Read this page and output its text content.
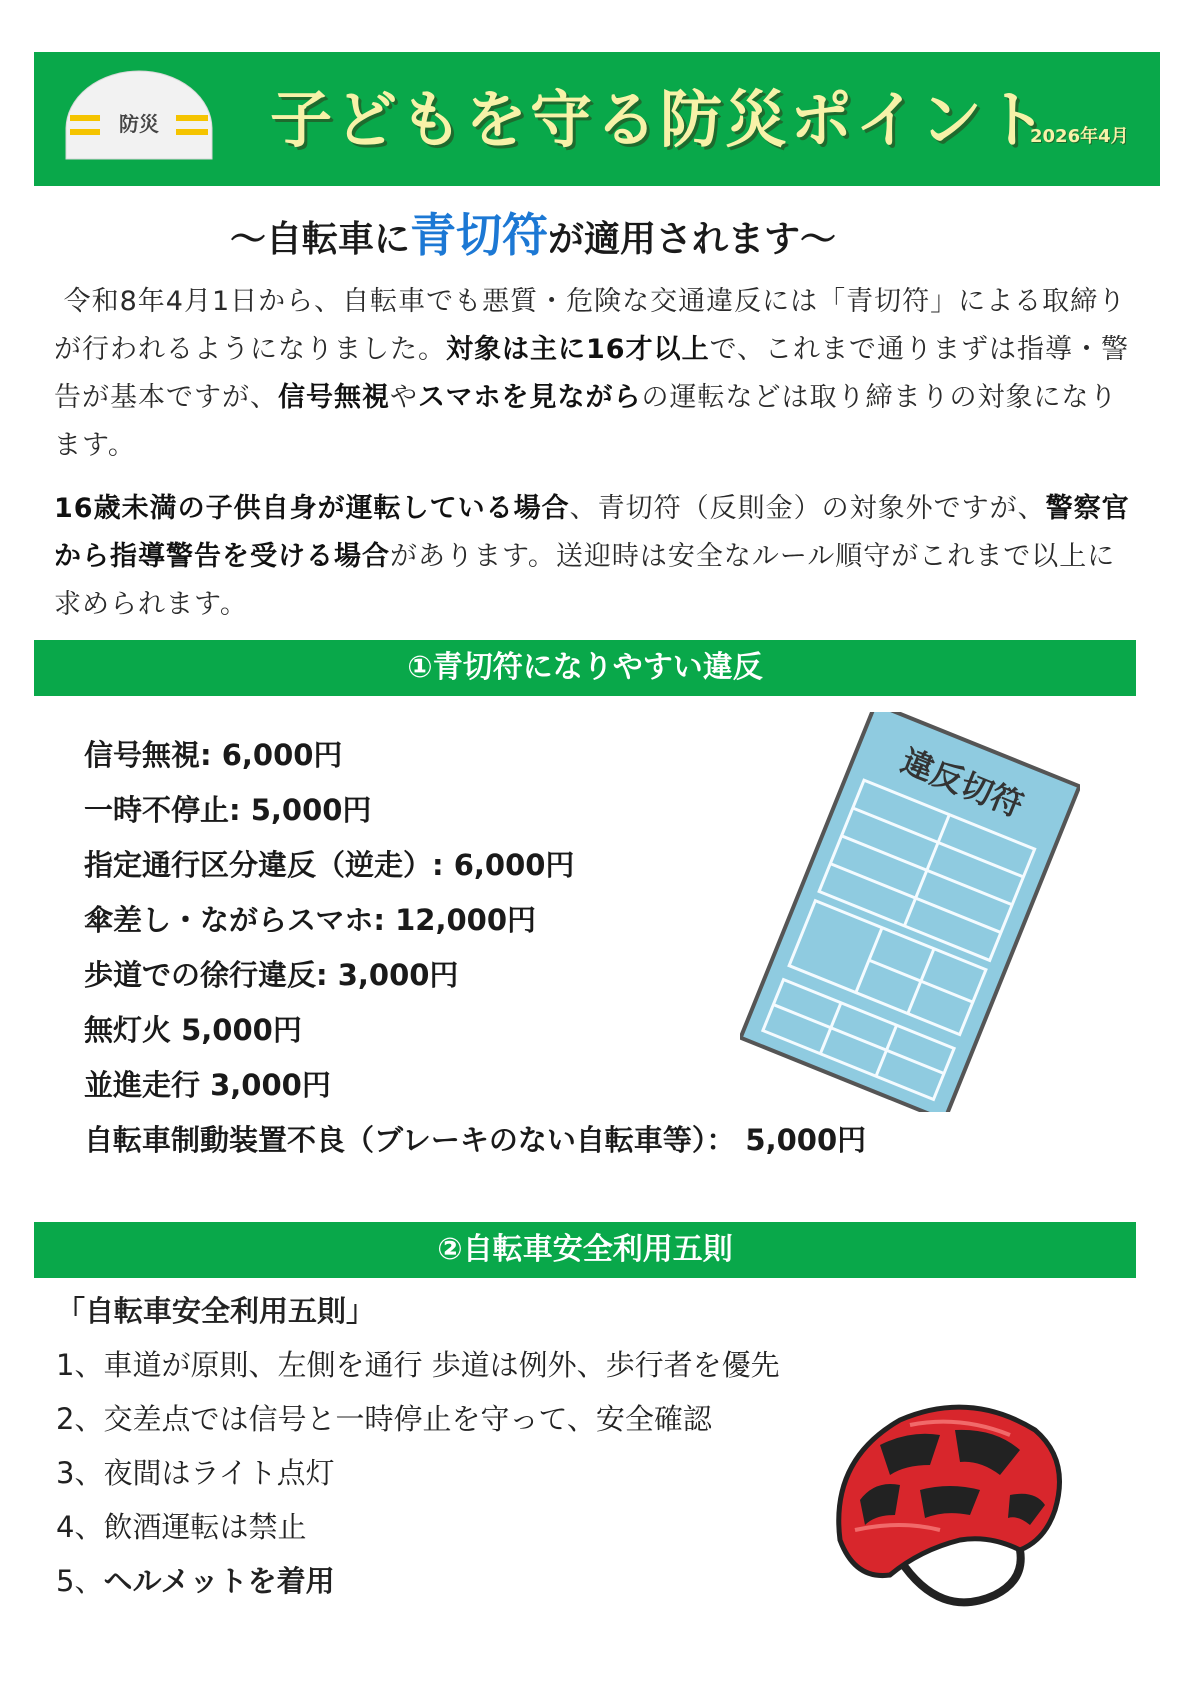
防災 子どもを守る防災ポイント
2026年4月
～自転車に青切符が適用されます～
令和8年4月1日から、自転車でも悪質・危険な交通違反には「青切符」による取締りが行われるようになりました。対象は主に16才以上で、これまで通りまずは指導・警告が基本ですが、信号無視やスマホを見ながらの運転などは取り締まりの対象になります。
16歳未満の子供自身が運転している場合、青切符（反則金）の対象外ですが、警察官から指導警告を受ける場合があります。送迎時は安全なルール順守がこれまで以上に求められます。
①青切符になりやすい違反
信号無視: 6,000円
一時不停止: 5,000円
指定通行区分違反（逆走）: 6,000円
傘差し・ながらスマホ: 12,000円
歩道での徐行違反: 3,000円
無灯火 5,000円
並進走行 3,000円
自転車制動装置不良（ブレーキのない自転車等）： 5,000円
違反切符
②自転車安全利用五則
「自転車安全利用五則」
1、車道が原則、左側を通行 歩道は例外、歩行者を優先
2、交差点では信号と一時停止を守って、安全確認
3、夜間はライト点灯
4、飲酒運転は禁止
5、ヘルメットを着用
